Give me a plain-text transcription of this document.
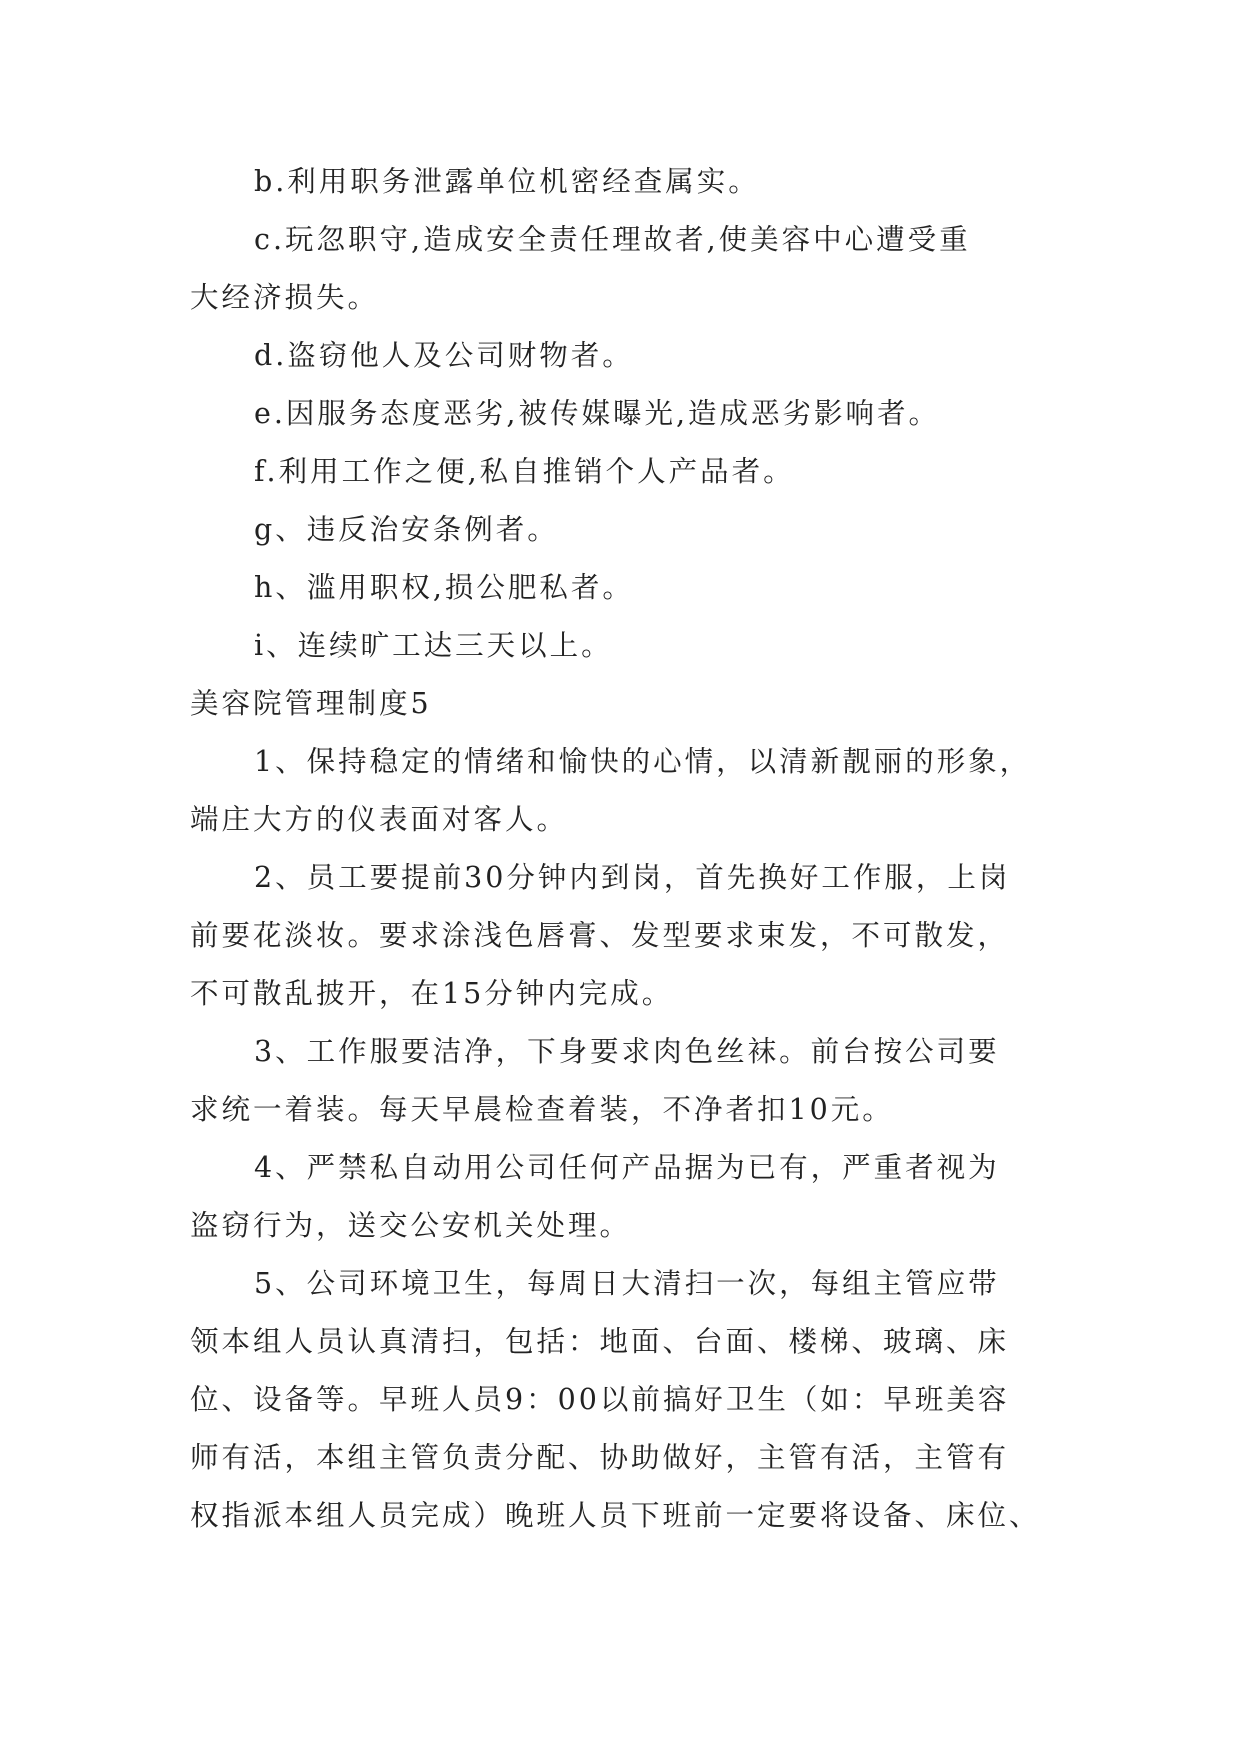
b.利用职务泄露单位机密经查属实。
c.玩忽职守,造成安全责任理故者,使美容中心遭受重
大经济损失。
d.盗窃他人及公司财物者。
e.因服务态度恶劣,被传媒曝光,造成恶劣影响者。
f.利用工作之便,私自推销个人产品者。
g、违反治安条例者。
h、滥用职权,损公肥私者。
i、连续旷工达三天以上。
美容院管理制度5
1、保持稳定的情绪和愉快的心情，以清新靓丽的形象，
端庄大方的仪表面对客人。
2、员工要提前30分钟内到岗，首先换好工作服，上岗
前要花淡妆。要求涂浅色唇膏、发型要求束发，不可散发，
不可散乱披开，在15分钟内完成。
3、工作服要洁净，下身要求肉色丝袜。前台按公司要
求统一着装。每天早晨检查着装，不净者扣10元。
4、严禁私自动用公司任何产品据为已有，严重者视为
盗窃行为，送交公安机关处理。
5、公司环境卫生，每周日大清扫一次，每组主管应带
领本组人员认真清扫，包括：地面、台面、楼梯、玻璃、床
位、设备等。早班人员9：00以前搞好卫生（如：早班美容
师有活，本组主管负责分配、协助做好，主管有活，主管有
权指派本组人员完成）晚班人员下班前一定要将设备、床位、
